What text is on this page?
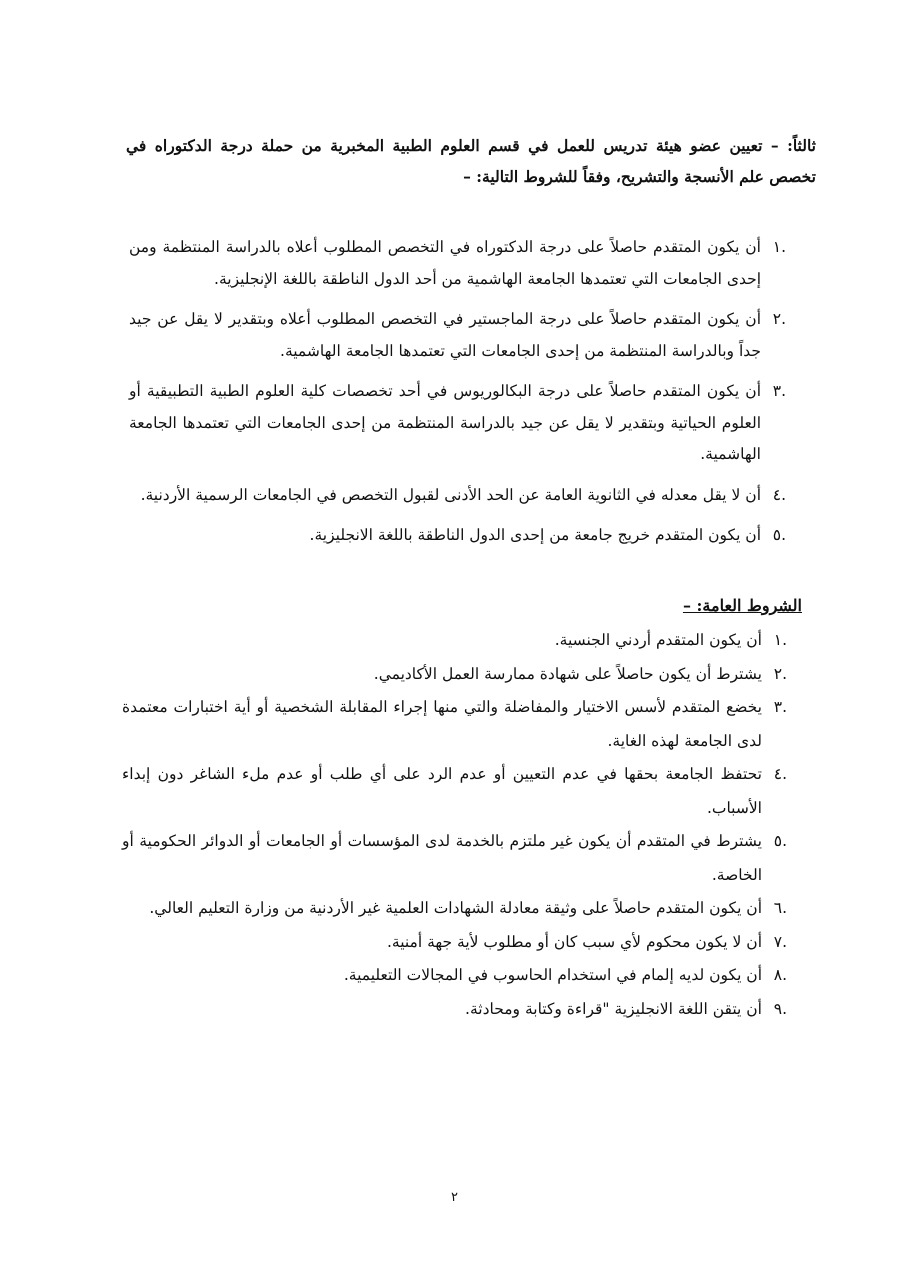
ثالثاً: – تعيين عضو هيئة تدريس للعمل في قسم العلوم الطبية المخبرية من حملة درجة الدكتوراه في تخصص علم الأنسجة والتشريح، وفقاً للشروط التالية: –
.١
أن يكون المتقدم حاصلاً على درجة الدكتوراه في التخصص المطلوب أعلاه بالدراسة المنتظمة ومن إحدى الجامعات التي تعتمدها الجامعة الهاشمية من أحد الدول الناطقة باللغة الإنجليزية.
.٢
أن يكون المتقدم حاصلاً على درجة الماجستير في التخصص المطلوب أعلاه وبتقدير لا يقل عن جيد جداً وبالدراسة المنتظمة من إحدى الجامعات التي تعتمدها الجامعة الهاشمية.
.٣
أن يكون المتقدم حاصلاً على درجة البكالوريوس في أحد تخصصات كلية العلوم الطبية التطبيقية أو العلوم الحياتية وبتقدير لا يقل عن جيد بالدراسة المنتظمة من إحدى الجامعات التي تعتمدها الجامعة الهاشمية.
.٤
أن لا يقل معدله في الثانوية العامة عن الحد الأدنى لقبول التخصص في الجامعات الرسمية الأردنية.
.٥
أن يكون المتقدم خريج جامعة من إحدى الدول الناطقة باللغة الانجليزية.
الشروط العامة: –
.١
أن يكون المتقدم أردني الجنسية.
.٢
يشترط أن يكون حاصلاً على شهادة ممارسة العمل الأكاديمي.
.٣
يخضع المتقدم لأسس الاختيار والمفاضلة والتي منها إجراء المقابلة الشخصية أو أية اختبارات معتمدة لدى الجامعة لهذه الغاية.
.٤
تحتفظ الجامعة بحقها في عدم التعيين أو عدم الرد على أي طلب أو عدم ملء الشاغر دون إبداء الأسباب.
.٥
يشترط في المتقدم أن يكون غير ملتزم بالخدمة لدى المؤسسات أو الجامعات أو الدوائر الحكومية أو الخاصة.
.٦
أن يكون المتقدم حاصلاً على وثيقة معادلة الشهادات العلمية غير الأردنية من وزارة التعليم العالي.
.٧
أن لا يكون محكوم لأي سبب كان أو مطلوب لأية جهة أمنية.
.٨
أن يكون لديه إلمام في استخدام الحاسوب في المجالات التعليمية.
.٩
أن يتقن اللغة الانجليزية "قراءة وكتابة ومحادثة.
٢
